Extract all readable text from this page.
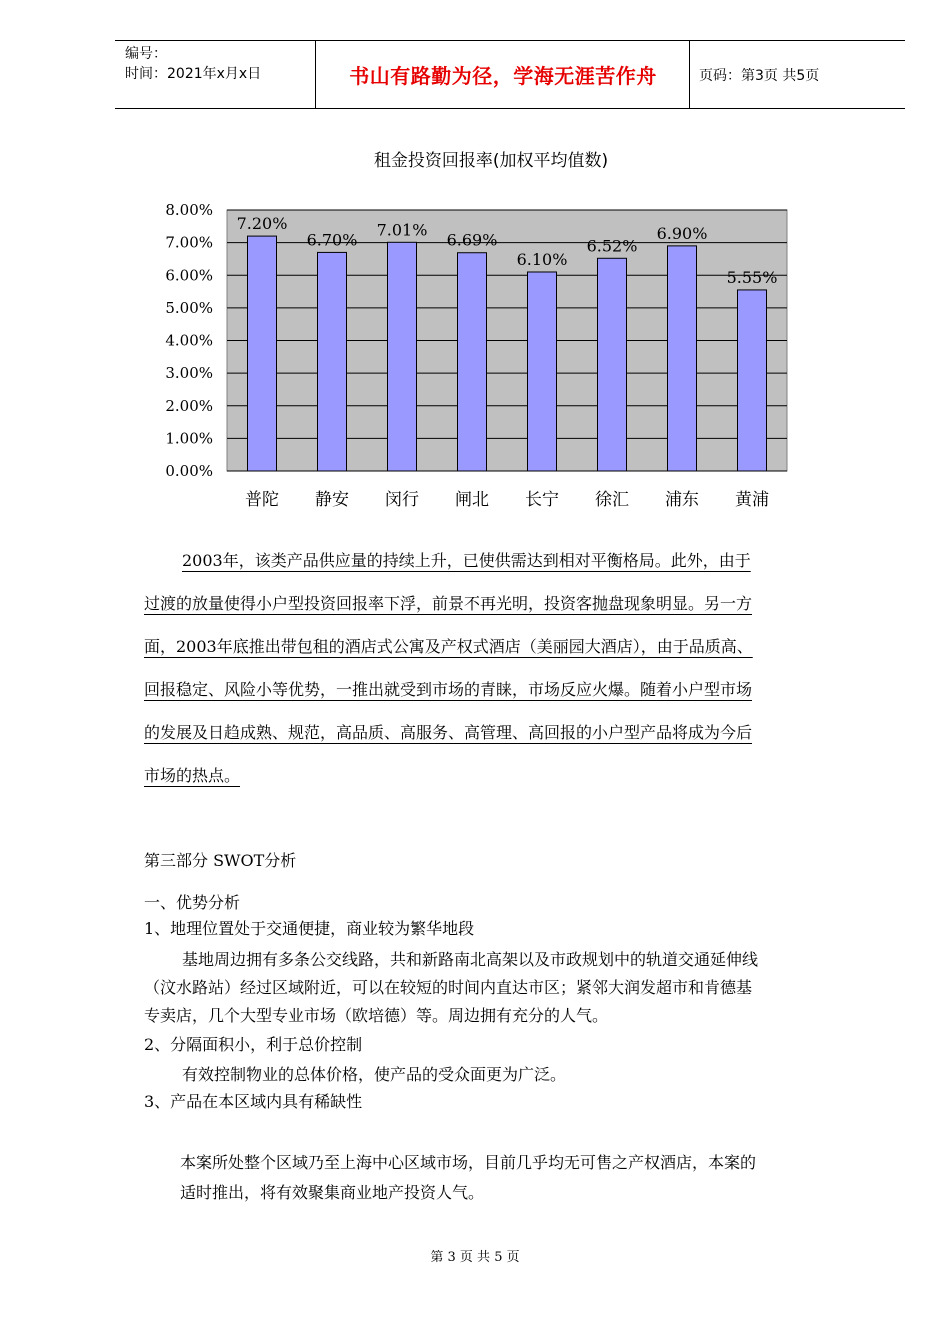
编号：
时间：2021年x月x日	书山有路勤为径，学海无涯苦作舟	页码：第3页 共5页
租金投资回报率(加权平均值数)
0.00%
1.00%
2.00%
3.00%
4.00%
5.00%
6.00%
7.00%
8.00%
7.20%
普陀
6.70%
静安
7.01%
闵行
6.69%
闸北
6.10%
长宁
6.52%
徐汇
6.90%
浦东
5.55%
黄浦
2003年，该类产品供应量的持续上升，已使供需达到相对平衡格局。此外，由于
过渡的放量使得小户型投资回报率下浮，前景不再光明，投资客抛盘现象明显。另一方
面，2003年底推出带包租的酒店式公寓及产权式酒店（美丽园大酒店），由于品质高、
回报稳定、风险小等优势，一推出就受到市场的青睐，市场反应火爆。随着小户型市场
的发展及日趋成熟、规范，高品质、高服务、高管理、高回报的小户型产品将成为今后
市场的热点。
第三部分 SWOT分析
一、优势分析
1、地理位置处于交通便捷，商业较为繁华地段
基地周边拥有多条公交线路，共和新路南北高架以及市政规划中的轨道交通延伸线
（汶水路站）经过区域附近，可以在较短的时间内直达市区；紧邻大润发超市和肯德基
专卖店，几个大型专业市场（欧培德）等。周边拥有充分的人气。
2、分隔面积小，利于总价控制
有效控制物业的总体价格，使产品的受众面更为广泛。
3、产品在本区域内具有稀缺性
本案所处整个区域乃至上海中心区域市场，目前几乎均无可售之产权酒店，本案的
适时推出，将有效聚集商业地产投资人气。
第 3 页 共 5 页
